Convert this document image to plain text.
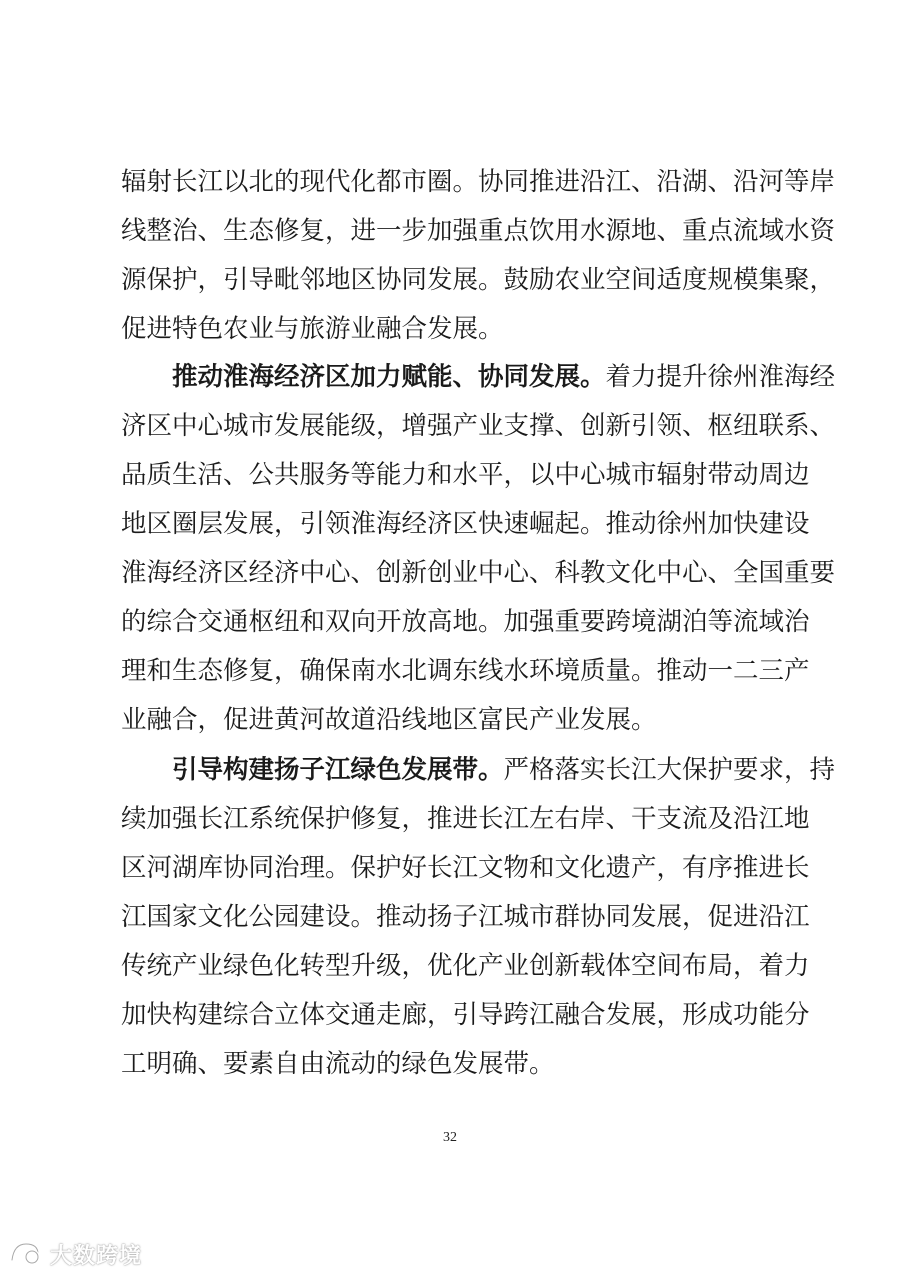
辐射长江以北的现代化都市圈。协同推进沿江、沿湖、沿河等岸
线整治、生态修复，进一步加强重点饮用水源地、重点流域水资
源保护，引导毗邻地区协同发展。鼓励农业空间适度规模集聚，
促进特色农业与旅游业融合发展。
推动淮海经济区加力赋能、协同发展。着力提升徐州淮海经
济区中心城市发展能级，增强产业支撑、创新引领、枢纽联系、
品质生活、公共服务等能力和水平，以中心城市辐射带动周边
地区圈层发展，引领淮海经济区快速崛起。推动徐州加快建设
淮海经济区经济中心、创新创业中心、科教文化中心、全国重要
的综合交通枢纽和双向开放高地。加强重要跨境湖泊等流域治
理和生态修复，确保南水北调东线水环境质量。推动一二三产
业融合，促进黄河故道沿线地区富民产业发展。
引导构建扬子江绿色发展带。严格落实长江大保护要求，持
续加强长江系统保护修复，推进长江左右岸、干支流及沿江地
区河湖库协同治理。保护好长江文物和文化遗产，有序推进长
江国家文化公园建设。推动扬子江城市群协同发展，促进沿江
传统产业绿色化转型升级，优化产业创新载体空间布局，着力
加快构建综合立体交通走廊，引导跨江融合发展，形成功能分
工明确、要素自由流动的绿色发展带。
32
大数跨境
